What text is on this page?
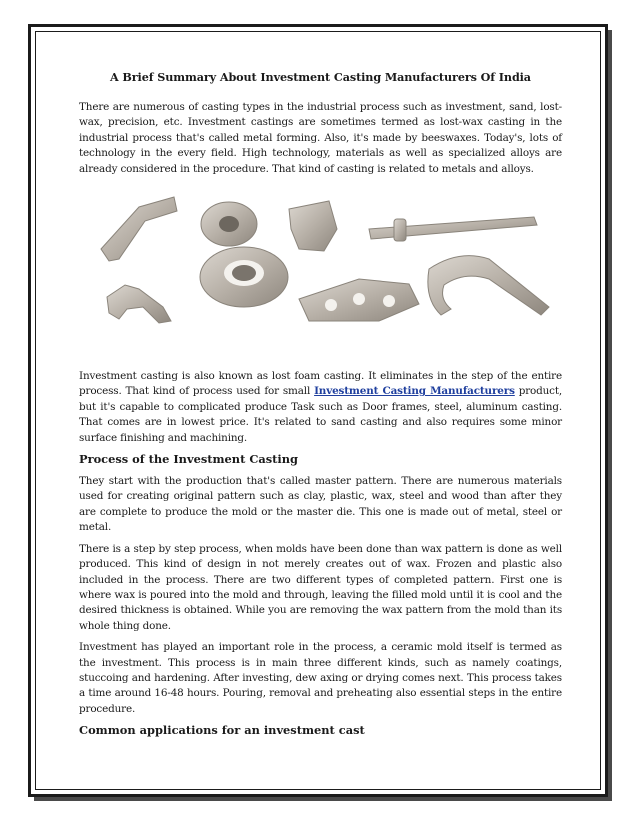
A Brief Summary About Investment Casting Manufacturers Of India

There are numerous of casting types in the industrial process such as investment, sand, lost-wax, precision, etc. Investment castings are sometimes termed as lost-wax casting in the industrial process that's called metal forming. Also, it's made by beeswaxes. Today's, lots of technology in the every field. High technology, materials as well as specialized alloys are already considered in the procedure. That kind of casting is related to metals and alloys.

Investment casting is also known as lost foam casting. It eliminates in the step of the entire process. That kind of process used for small Investment Casting Manufacturers product, but it's capable to complicated produce Task such as Door frames, steel, aluminum casting. That comes are in lowest price. It's related to sand casting and also requires some minor surface finishing and machining.

Process of the Investment Casting

They start with the production that's called master pattern. There are numerous materials used for creating original pattern such as clay, plastic, wax, steel and wood than after they are complete to produce the mold or the master die. This one is made out of metal, steel or metal.

There is a step by step process, when molds have been done than wax pattern is done as well produced. This kind of design in not merely creates out of wax. Frozen and plastic also included in the process. There are two different types of completed pattern. First one is where wax is poured into the mold and through, leaving the filled mold until it is cool and the desired thickness is obtained. While you are removing the wax pattern from the mold than its whole thing done.

Investment has played an important role in the process, a ceramic mold itself is termed as the investment. This process is in main three different kinds, such as namely coatings, stuccoing and hardening. After investing, dew axing or drying comes next. This process takes a time around 16-48 hours. Pouring, removal and preheating also essential steps in the entire procedure.

Common applications for an investment cast
